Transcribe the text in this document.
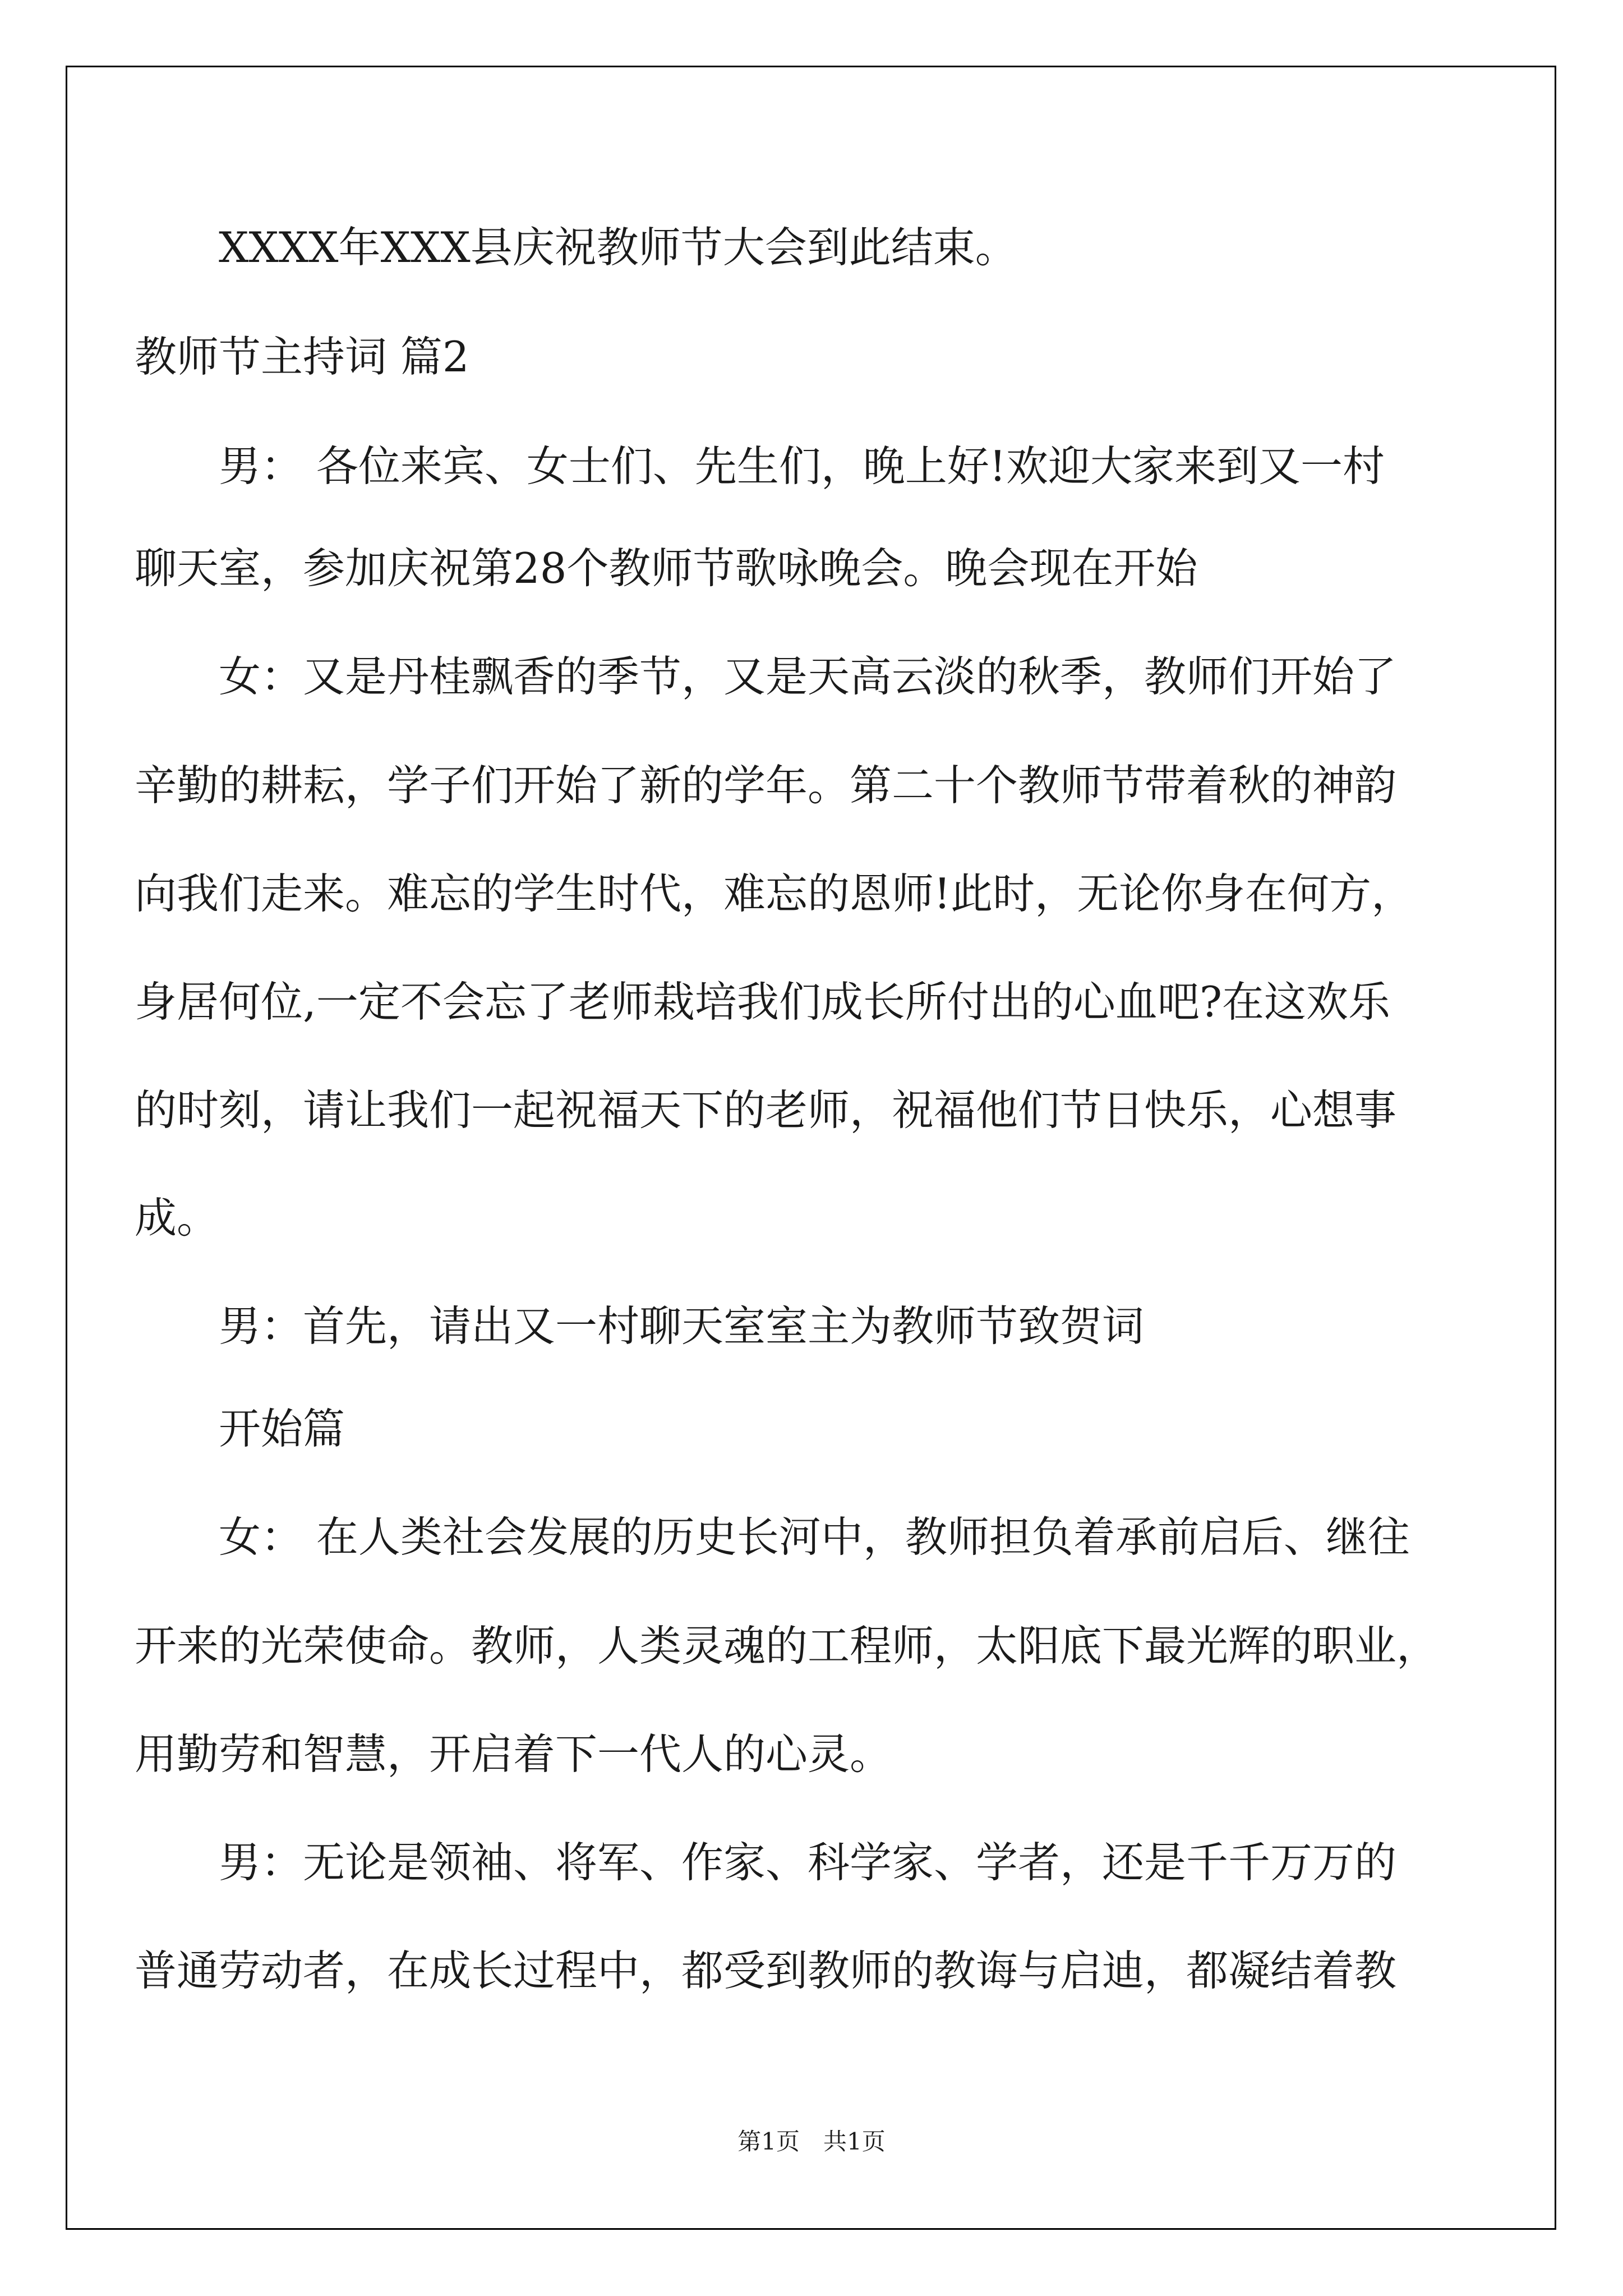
　　XXXX年XXX县庆祝教师节大会到此结束。
教师节主持词 篇2
　　男： 各位来宾、女士们、先生们，晚上好!欢迎大家来到又一村
聊天室，参加庆祝第28个教师节歌咏晚会。晚会现在开始
　　女：又是丹桂飘香的季节，又是天高云淡的秋季，教师们开始了
辛勤的耕耘，学子们开始了新的学年。第二十个教师节带着秋的神韵
向我们走来。难忘的学生时代，难忘的恩师!此时，无论你身在何方，
身居何位,一定不会忘了老师栽培我们成长所付出的心血吧?在这欢乐
的时刻，请让我们一起祝福天下的老师，祝福他们节日快乐，心想事
成。
　　男：首先，请出又一村聊天室室主为教师节致贺词
　　开始篇
　　女： 在人类社会发展的历史长河中，教师担负着承前启后、继往
开来的光荣使命。教师，人类灵魂的工程师，太阳底下最光辉的职业，
用勤劳和智慧，开启着下一代人的心灵。
　　男：无论是领袖、将军、作家、科学家、学者，还是千千万万的
普通劳动者，在成长过程中，都受到教师的教诲与启迪，都凝结着教
第1页　共1页
